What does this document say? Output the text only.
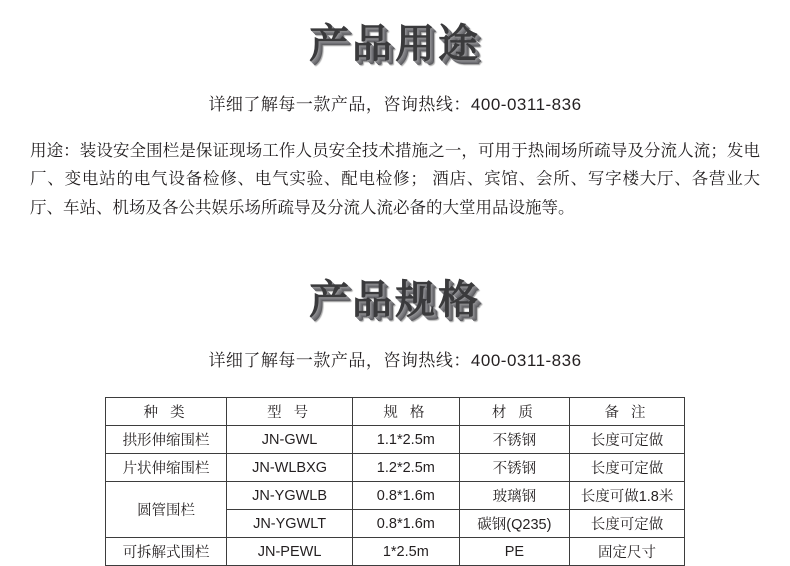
产品用途
详细了解每一款产品，咨询热线：400-0311-836
用途：装设安全围栏是保证现场工作人员安全技术措施之一，可用于热闹场所疏导及分流人流；发电厂、变电站的电气设备检修、电气实验、配电检修； 酒店、宾馆、会所、写字楼大厅、各营业大厅、车站、机场及各公共娱乐场所疏导及分流人流必备的大堂用品设施等。
产品规格
详细了解每一款产品，咨询热线：400-0311-836
种 类	型 号	规 格	材 质	备 注
拱形伸缩围栏	JN-GWL	1.1*2.5m	不锈钢	长度可定做
片状伸缩围栏	JN-WLBXG	1.2*2.5m	不锈钢	长度可定做
圆管围栏	JN-YGWLB	0.8*1.6m	玻璃钢	长度可做1.8米
	JN-YGWLT	0.8*1.6m	碳钢(Q235)	长度可定做
可拆解式围栏	JN-PEWL	1*2.5m	PE	固定尺寸
